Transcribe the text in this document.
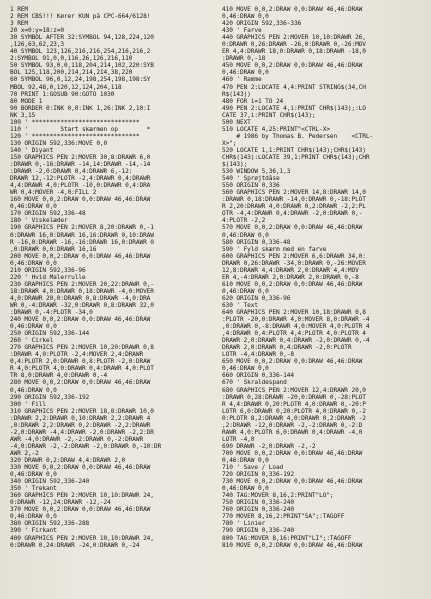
1 REM
2 REM CBS!!! Kører KUN på CPC-664/6128!
3 REM
20 x=0:y=18:z=0
30 SYMBOL AFTER 32:SYMBOL 94,128,224,120
,126,63,62,23,3
40 SYMBOL 123,126,216,216,254,216,216,2
2:SYMBOL 91,0,0,116,26,126,216,110
50 SYMBOL 93,0,0,118,204,214,102,220:SYB
BOL 125,118,200,214,214,214,38,220
60 SYMBOL 96,0,12,24,198,254,198,198:SY
MBOL 92,48,0,120,12,124,204,118
70 PRINT 1:GOSUB 90:GOTO 1030
80 MODE 1
90 BORDER 0:INK 0,0:INK 1,26:INK 2,10:I
NK 3,15
100 ' ******************************
110 '         Start skærmen op        *
120 ' ******************************
130 ORIGIN 592,336:MOVE 0,0
140 ' Diyant
150 GRAPHICS PEN 2:MOVER 30,8:DRAWR 6,0
:DRAWR 0,-16:DRAWR -14,14:DRAWR -14,-14
:DRAWR -2,0:DRAWR 0,4:DRAWR 6,-12:
DRAWR 12,-12:PLOTR -2,4:DRAWR 0,4:DRAWR
4,4:DRAWR 4,0:PLOTR -10,0:DRAWR 0,4:DRA
WR 0,4:MOVER -4,0:FILL 2
160 MOVE 0,0,2:DRAW 0,0:DRAW 46,46:DRAW
0,46:DRAW 0,0
170 ORIGIN 592,336-48
180 ' Viskelæder
190 GRAPHICS PEN 2:MOVER 8,20:DRAWR 0,-1
0:DRAWR 16,0:DRAWR 16,16:DRAWR 0,10:DRAW
R -16,0:DRAWR -16,-16:DRAWR 16,0:DRAWR 0
,0:DRAWR 0,0:DRAWR 16,16
200 MOVE 0,0,2:DRAW 0,0:DRAW 46,46:DRAW
0,46:DRAW 0,0
210 ORIGIN 592,336-96
220 ' Hvid Malerrulle
230 GRAPHICS PEN 2:MOVER 20,22:DRAWR 0,-
18:DRAWR 4,0:DRAWR 0,18:DRAWR -4,0:MOVER
4,0:DRAWR 20,0:DRAWR 0,8:DRAWR -4,0:DRA
WR 0,-4:DRAWR -32,0:DRAWR 0,8:DRAWR 32,0
:DRAWR 0,-4:PLOTR -34,0
240 MOVE 0,0,2:DRAW 0,0:DRAW 46,46:DRAW
0,46:DRAW 0,0
250 ORIGIN 592,336-144
260 ' Cirkel
270 GRAPHICS PEN 2:MOVER 10,20:DRAWR 0,8
:DRAWR 4,0:PLOTR -2,4:MOVER 2,4:DRAWR
0,4:PLOTR 2,0:DRAWR 0,8:PLOTR -2,0:DRAW
R 4,0:PLOTR 4,0:DRAWR 0,4:DRAWR 4,0:PLOT
TR 8,0:DRAWR 4,0:DRAWR 0,-4
280 MOVE 0,0,2:DRAW 0,0:DRAW 46,46:DRAW
0,46:DRAW 0,0
290 ORIGIN 592,336-192
300 ' Fill
310 GRAPHICS PEN 2:MOVER 18,8:DRAWR 10,0
:DRAWR 2,2:DRAWR 0,10:DRAWR 2,2:DRAWR 4
,0:DRAWR 2,2:DRAWR 0,2:DRAWR -2,2:DRAWR
-2,0:DRAWR -4,4:DRAWR -2,0:DRAWR -2,2:DR
AWR -4,0:DRAWR -2,-2:DRAWR 0,-2:DRAWR
-4,0:DRAWR -2,-2:DRAWR -2,0:DRAWR 0,-10:DR
AWR 2,-2
320 DRAWR 0,2:DRAW 4,4:DRAWR 2,0
330 MOVE 0,0,2:DRAW 0,0:DRAW 46,46:DRAW
0,46:DRAW 0,0
340 ORIGIN 592,336-240
350 ' Trekant
360 GRAPHICS PEN 2:MOVER 10,10:DRAWR 24,
0:DRAWR -12,24:DRAWR -12,-24
370 MOVE 0,0,2:DRAW 0,0:DRAW 46,46:DRAW
0,46:DRAW 0,0
380 ORIGIN 592,336-288
390 ' Firkant
400 GRAPHICS PEN 2:MOVER 10,10:DRAWR 24,
0:DRAWR 0,24:DRAWR -24,0:DRAWR 0,-24
410 MOVE 0,0,2:DRAW 0,0:DRAW 46,46:DRAW
0,46:DRAW 0,0
420 ORIGIN 592,336-336
430 ' Farve
440 GRAPHICS PEN 2:MOVER 10,10:DRAWR 26,
0:DRAWR 0,26:DRAWR -26,0:DRAWR 0,-26:MOV
ER 4,4:DRAWR 18,0:DRAWR 0,18:DRAWR -18,0
:DRAWR 0,-18
450 MOVE 0,0,2:DRAW 0,0:DRAW 46,46:DRAW
0,46:DRAW 0,0
460 ' Ramme
470 PEN 2:LOCATE 4,4:PRINT STRING$(34,CH
R$(143))
480 FOR i=1 TO 24
490 PEN 2:LOCATE 4,i:PRINT CHR$(143);:LO
CATE 37,i:PRINT CHR$(143);
500 NEXT
510 LOCATE 4,25:PRINT"<CTRL-X>
# 1986 by Thomas B. Pedersen    <CTRL-
X>";
520 LOCATE 1,1:PRINT CHR$(143);CHR$(143)
CHR$(143):LOCATE 39,1:PRINT CHR$(143);CHR
$(143);
530 WINDOW 5,36,1,3
540 ' Sprøjtdåse
550 ORIGIN 0,336
560 GRAPHICS PEN 2:MOVER 14,8:DRAWR 14,0
:DRAWR 0,18:DRAWR -14,0:DRAWR 0,-18:PLOT
R 2,20:DRAWR 4,0:DRAWR 0,2:DRAWR -2,2:PL
OTR -4,4:DRAWR 0,4:DRAWR -2,0:DRAWR 0,-
4:PLOTR -2,2
570 MOVE 0,0,2:DRAW 0,0:DRAW 46,46:DRAW
0,46:DRAW 0,0
580 ORIGIN 0,336-48
590 ' Fyld skærm med en farve
600 GRAPHICS PEN 2:MOVER 6,6:DRAWR 34,0:
DRAWR 0,26:DRAWR -34,0:DRAWR 0,-26:MOVER
12,8:DRAWR 4,4:DRAWR 2,0:DRAWR 4,4:MOV
ER 4,-4:DRAWR 2,0:DRAWR 2,0:DRAWR 0,-8
610 MOVE 0,0,2:DRAW 0,0:DRAW 46,46:DRAW
0,46:DRAW 0,0
620 ORIGIN 0,336-96
630 ' Text
640 GRAPHICS PEN 2:MOVER 10,18:DRAWR 0,8
:PLOTR -20,0:DRAWR 4,0:MOVER 8,0:DRAWR -4
,0:DRAWR 0,-8:DRAWR 4,0:MOVER 4,0:PLOTR 4
,4:DRAWR 0,4:PLOTR 4,4:PLOTR 4,0:PLOTR 4
DRAWR 2,0:DRAWR 0,4:DRAWR -2,0:DRAWR 0,-4
DRAWR 2,0:DRAWR 0,4:DRAWR -2,0:PLOTR
LOTR -4,4:DRAWR 0,-8
650 MOVE 0,0,2:DRAW 0,0:DRAW 46,46:DRAW
0,46:DRAW 0,0
660 ORIGIN 0,336-144
670 ' Skraldespand
680 GRAPHICS PEN 2:MOVER 12,4:DRAWR 20,0
:DRAWR 0,28:DRAWR -20,0:DRAWR 0,-28:PLOT
R 4,4:DRAWR 0,20:PLOTR 4,0:DRAWR 0,-20:P
LOTR 6,0:DRAWR 0,20:PLOTR 4,0:DRAWR 0,-2
0:PLOTR 8,2:DRAWR 4,0:DRAWR 0,2:DRAWR -2
,2:DRAWR -12,0:DRAWR -2,-2:DRAWR 0,-2:D
RAWR 4,0:PLOTR 6,0:DRAWR 0,4:DRAWR -4,0
LOTR -4,0
690 DRAWR -2,0:DRAWR -2,-2
700 MOVE 0,0,2:DRAW 0,0:DRAW 46,46:DRAW
0,46:DRAW 0,0
710 ' Save / Load
720 ORIGIN 0,336-192
730 MOVE 0,0,2:DRAW 0,0:DRAW 46,46:DRAW
0,46:DRAW 0,0
740 TAG:MOVER 8,16,2:PRINT"LO";
750 ORIGIN 0,336-240
760 ORIGIN 0,336-240
770 MOVER 8,16,2:PRINT"SA";:TAGOFF
780 ' Linier
790 ORIGIN 0,336-240
800 TAG:MOVER 8,16:PRINT"LI";:TAGOFF
810 MOVE 0,0,2:DRAW 0,0:DRAW 46,46:DRAW
